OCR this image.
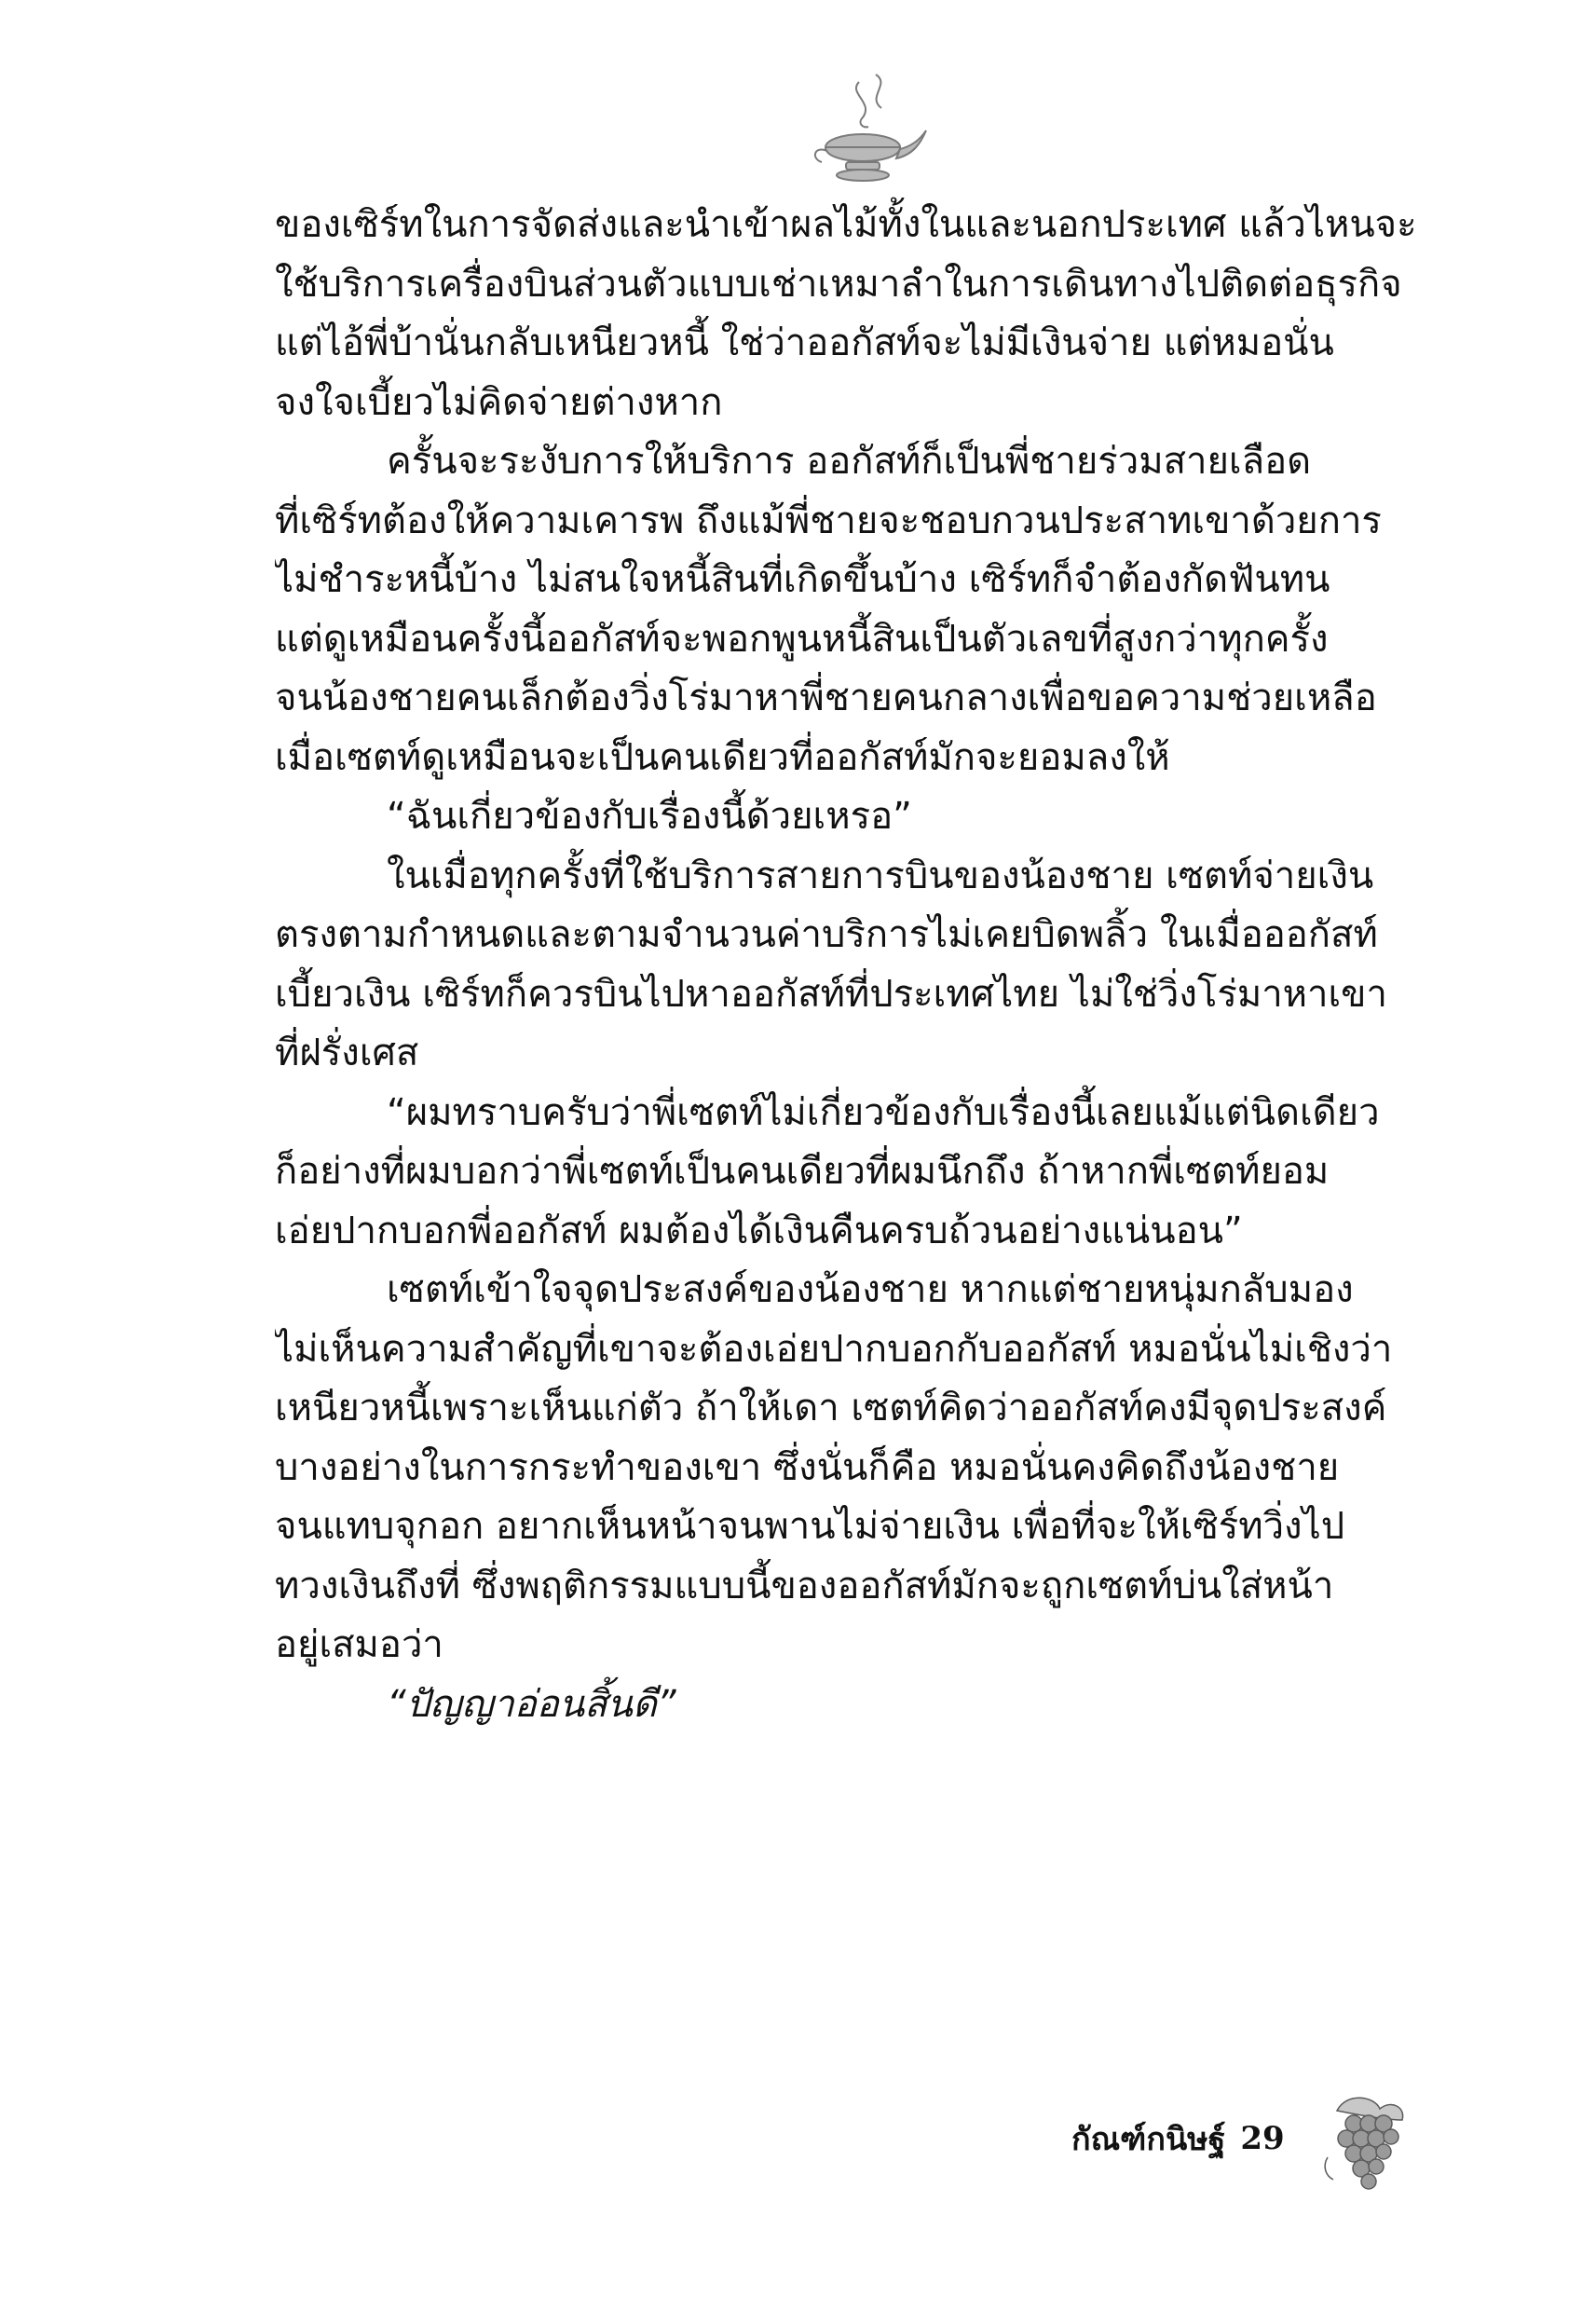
ของเซิร์ทในการจัดส่งและนำเข้าผลไม้ทั้งในและนอกประเทศ แล้วไหนจะ
ใช้บริการเครื่องบินส่วนตัวแบบเช่าเหมาลำในการเดินทางไปติดต่อธุรกิจ
แต่ไอ้พี่บ้านั่นกลับเหนียวหนี้ ใช่ว่าออกัสท์จะไม่มีเงินจ่าย แต่หมอนั่น
จงใจเบี้ยวไม่คิดจ่ายต่างหาก
ครั้นจะระงับการให้บริการ ออกัสท์ก็เป็นพี่ชายร่วมสายเลือด
ที่เซิร์ทต้องให้ความเคารพ ถึงแม้พี่ชายจะชอบกวนประสาทเขาด้วยการ
ไม่ชำระหนี้บ้าง ไม่สนใจหนี้สินที่เกิดขึ้นบ้าง เซิร์ทก็จำต้องกัดฟันทน
แต่ดูเหมือนครั้งนี้ออกัสท์จะพอกพูนหนี้สินเป็นตัวเลขที่สูงกว่าทุกครั้ง
จนน้องชายคนเล็กต้องวิ่งโร่มาหาพี่ชายคนกลางเพื่อขอความช่วยเหลือ
เมื่อเซตท์ดูเหมือนจะเป็นคนเดียวที่ออกัสท์มักจะยอมลงให้
“ฉันเกี่ยวข้องกับเรื่องนี้ด้วยเหรอ”
ในเมื่อทุกครั้งที่ใช้บริการสายการบินของน้องชาย เซตท์จ่ายเงิน
ตรงตามกำหนดและตามจำนวนค่าบริการไม่เคยบิดพลิ้ว ในเมื่อออกัสท์
เบี้ยวเงิน เซิร์ทก็ควรบินไปหาออกัสท์ที่ประเทศไทย ไม่ใช่วิ่งโร่มาหาเขา
ที่ฝรั่งเศส
“ผมทราบครับว่าพี่เซตท์ไม่เกี่ยวข้องกับเรื่องนี้เลยแม้แต่นิดเดียว
ก็อย่างที่ผมบอกว่าพี่เซตท์เป็นคนเดียวที่ผมนึกถึง ถ้าหากพี่เซตท์ยอม
เอ่ยปากบอกพี่ออกัสท์ ผมต้องได้เงินคืนครบถ้วนอย่างแน่นอน”
เซตท์เข้าใจจุดประสงค์ของน้องชาย หากแต่ชายหนุ่มกลับมอง
ไม่เห็นความสำคัญที่เขาจะต้องเอ่ยปากบอกกับออกัสท์ หมอนั่นไม่เชิงว่า
เหนียวหนี้เพราะเห็นแก่ตัว ถ้าให้เดา เซตท์คิดว่าออกัสท์คงมีจุดประสงค์
บางอย่างในการกระทำของเขา ซึ่งนั่นก็คือ หมอนั่นคงคิดถึงน้องชาย
จนแทบจุกอก อยากเห็นหน้าจนพานไม่จ่ายเงิน เพื่อที่จะให้เซิร์ทวิ่งไป
ทวงเงินถึงที่ ซึ่งพฤติกรรมแบบนี้ของออกัสท์มักจะถูกเซตท์บ่นใส่หน้า
อยู่เสมอว่า
“ปัญญาอ่อนสิ้นดี”
กัณฑ์กนิษฐ์ 29
